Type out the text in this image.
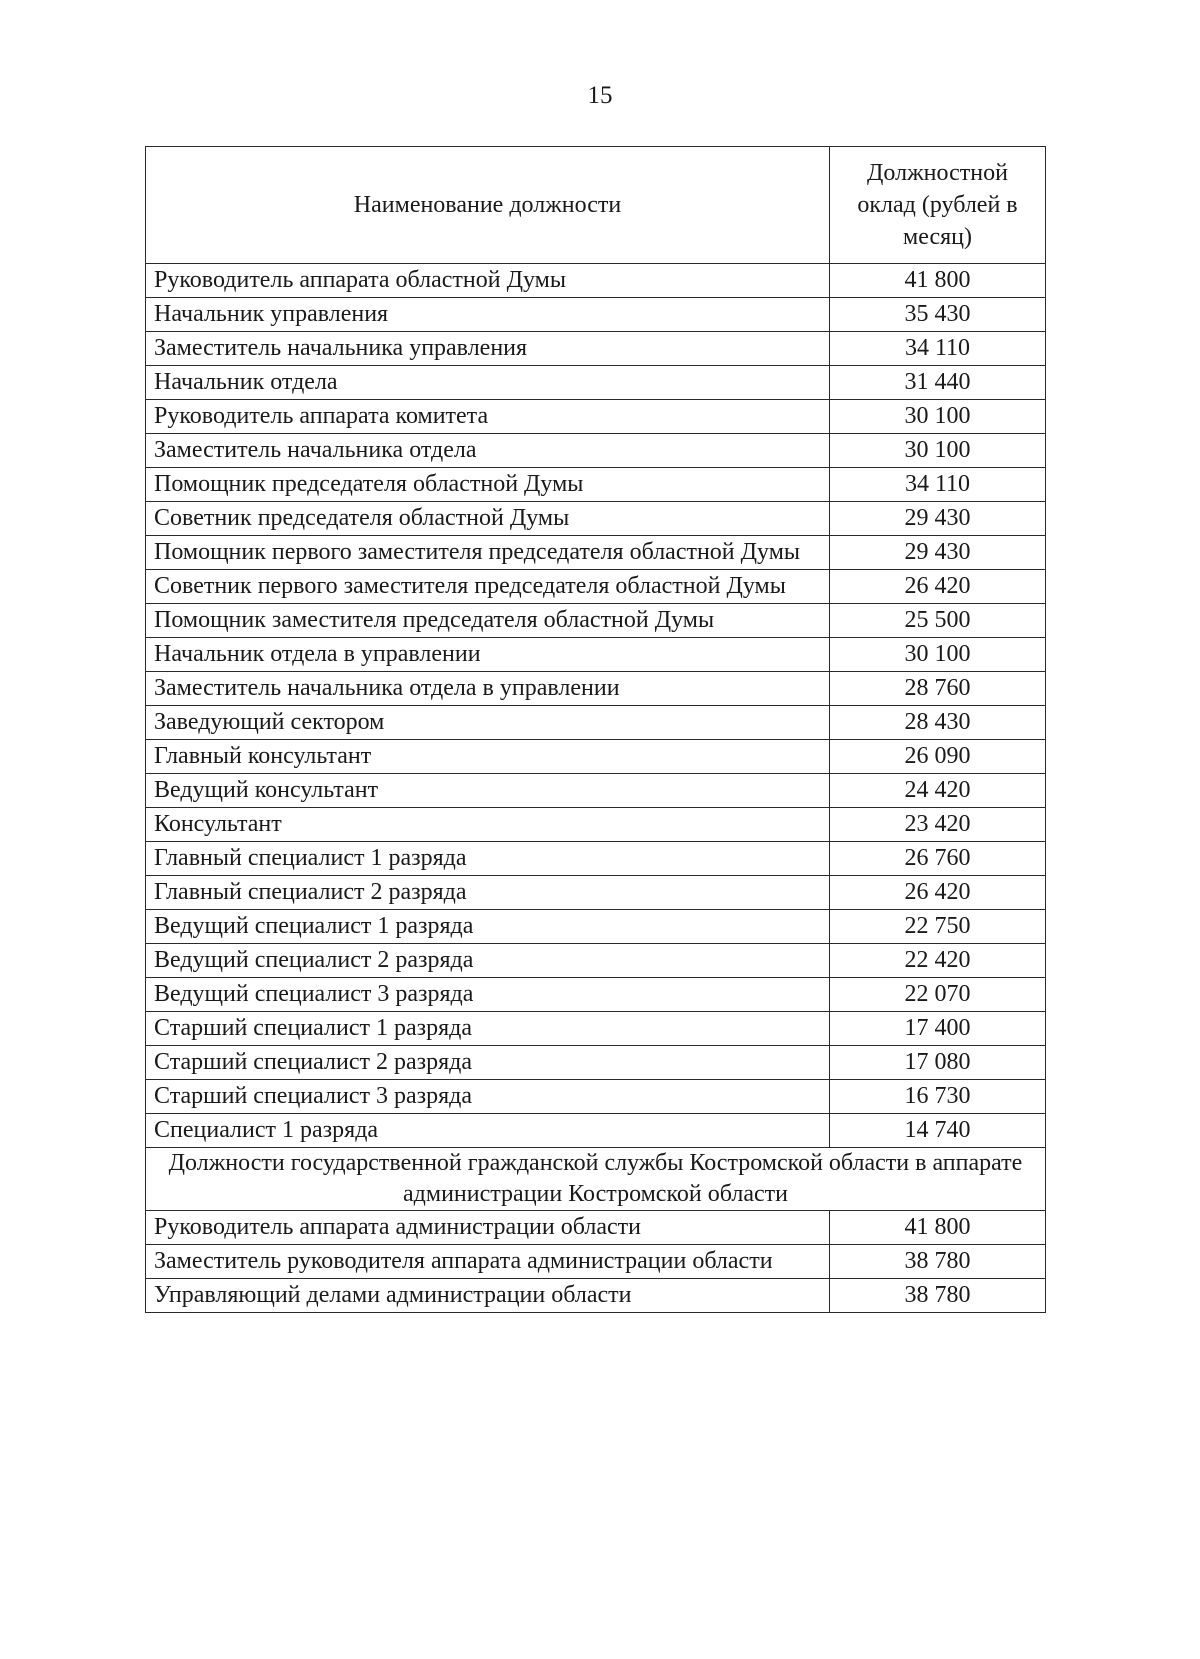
15
Наименование должности	Должностной оклад (рублей в месяц)
Руководитель аппарата областной Думы	41 800
Начальник управления	35 430
Заместитель начальника управления	34 110
Начальник отдела	31 440
Руководитель аппарата комитета	30 100
Заместитель начальника отдела	30 100
Помощник председателя областной Думы	34 110
Советник председателя областной Думы	29 430
Помощник первого заместителя председателя областной Думы	29 430
Советник первого заместителя председателя областной Думы	26 420
Помощник заместителя председателя областной Думы	25 500
Начальник отдела в управлении	30 100
Заместитель начальника отдела в управлении	28 760
Заведующий сектором	28 430
Главный консультант	26 090
Ведущий консультант	24 420
Консультант	23 420
Главный специалист 1 разряда	26 760
Главный специалист 2 разряда	26 420
Ведущий специалист 1 разряда	22 750
Ведущий специалист 2 разряда	22 420
Ведущий специалист 3 разряда	22 070
Старший специалист 1 разряда	17 400
Старший специалист 2 разряда	17 080
Старший специалист 3 разряда	16 730
Специалист 1 разряда	14 740
Должности государственной гражданской службы Костромской области в аппарате администрации Костромской области	
Руководитель аппарата администрации области	41 800
Заместитель руководителя аппарата администрации области	38 780
Управляющий делами администрации области	38 780
